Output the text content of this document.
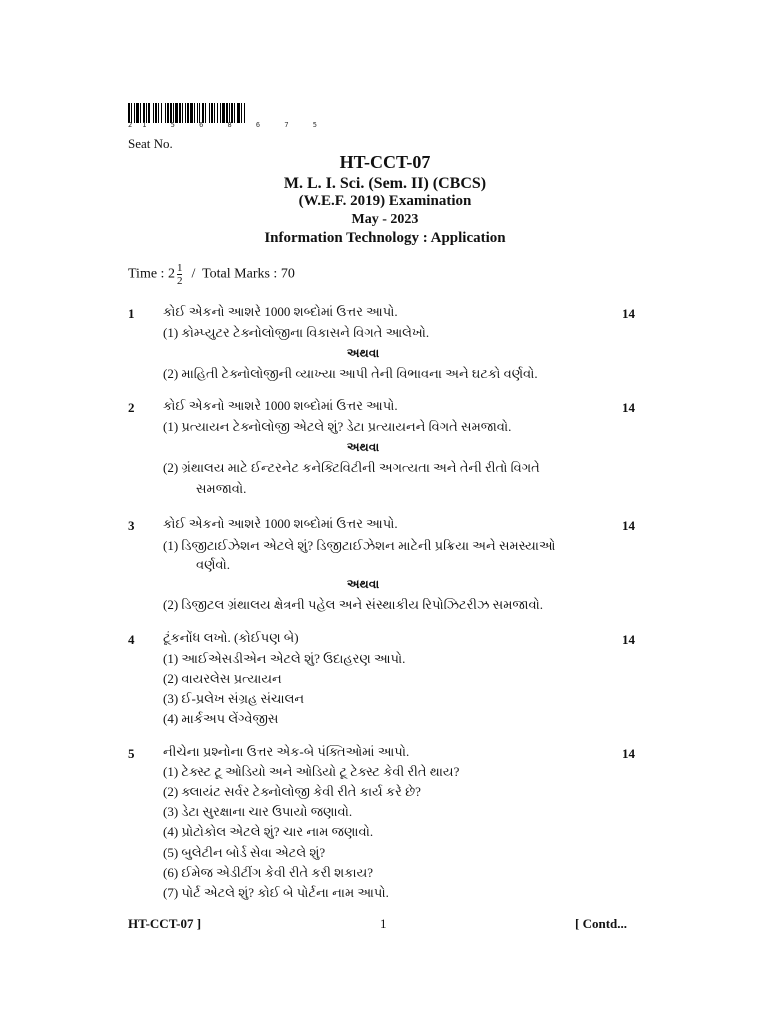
21 5 6 8 6 7 5
Seat No.
HT-CCT-07
M. L. I. Sci. (Sem. II) (CBCS)
(W.E.F. 2019) Examination
May - 2023
Information Technology : Application
Time : $2 \frac{1}{2}$ / Total Marks : 70
1	14
કોઈ એકનો આશરે 1000 શબ્દોમાં ઉત્તર આપો.
(1) કોમ્પ્યુટર ટેક્નોલોજીના વિકાસને વિગતે આલેખો.
અથવા
(2) માહિતી ટેક્નોલોજીની વ્યાખ્યા આપી તેની વિભાવના અને ઘટકો વર્ણવો.
2	14
કોઈ એકનો આશરે 1000 શબ્દોમાં ઉત્તર આપો.
(1) પ્રત્યાયન ટેક્નોલોજી એટલે શું? ડેટા પ્રત્યાયનને વિગતે સમજાવો.
અથવા
(2) ગ્રંથાલય માટે ઈન્ટરનેટ કનેક્ટિવિટીની અગત્યતા અને તેની રીતો વિગતે
સમજાવો.
3	14
કોઈ એકનો આશરે 1000 શબ્દોમાં ઉત્તર આપો.
(1) ડિજીટાઈઝેશન એટલે શું? ડિજીટાઈઝેશન માટેની પ્રક્રિયા અને સમસ્યાઓ
વર્ણવો.
અથવા
(2) ડિજીટલ ગ્રંથાલય ક્ષેત્રની પહેલ અને સંસ્થાકીય રિપોઝિટરીઝ સમજાવો.
4	14
ટૂંકનોંધ લખો. (કોઈપણ બે)
(1) આઈએસડીએન એટલે શું? ઉદાહરણ આપો.
(2) વાયરલેસ પ્રત્યાયન
(3) ઈ-પ્રલેખ સંગ્રહ સંચાલન
(4) માર્કઅપ લેંગ્વેજીસ
5	14
નીચેના પ્રશ્નોના ઉત્તર એક-બે પંક્તિઓમાં આપો.
(1) ટેક્સ્ટ ટૂ ઓડિયો અને ઓડિયો ટૂ ટેક્સ્ટ કેવી રીતે થાય?
(2) ક્લાયંટ સર્વર ટેક્નોલોજી કેવી રીતે કાર્ય કરે છે?
(3) ડેટા સુરક્ષાના ચાર ઉપાયો જણાવો.
(4) પ્રોટોકોલ એટલે શું? ચાર નામ જણાવો.
(5) બુલેટીન બોર્ડ સેવા એટલે શું?
(6) ઈમેજ એડીટીંગ કેવી રીતે કરી શકાય?
(7) પોર્ટ એટલે શું? કોઈ બે પોર્ટના નામ આપો.
HT-CCT-07 ]	1	[ Contd...
